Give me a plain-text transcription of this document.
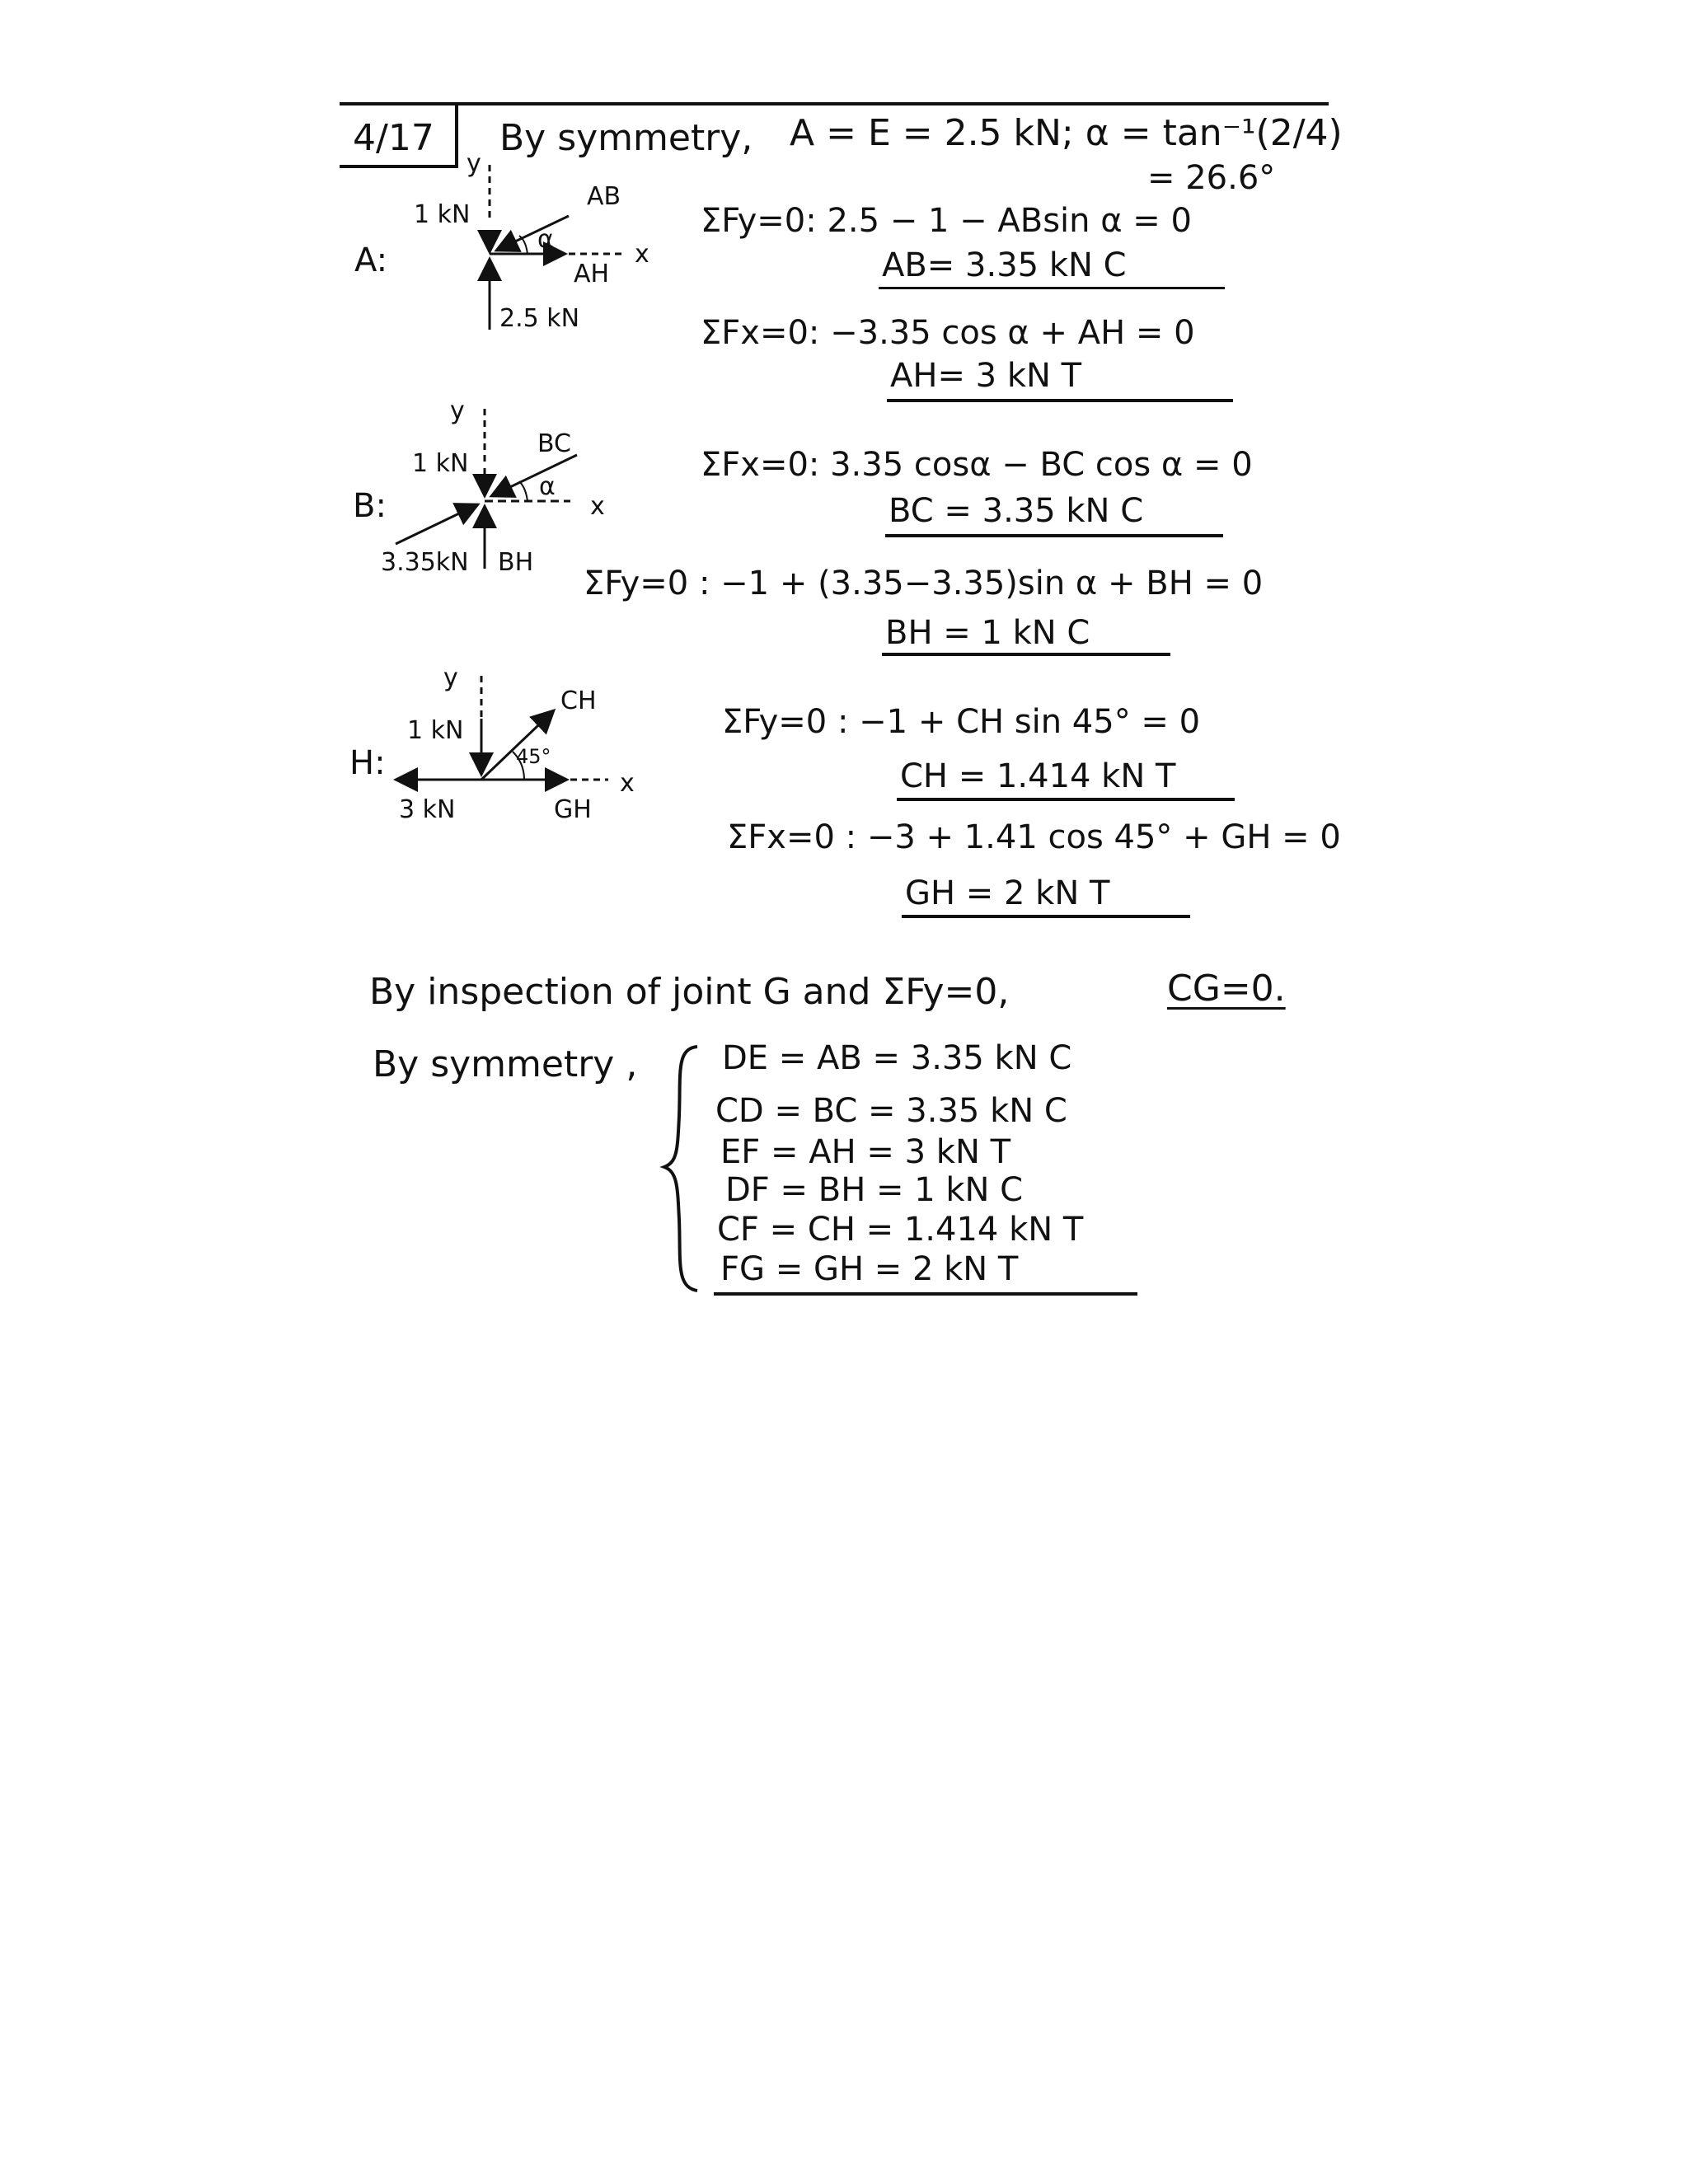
4/17 By symmetry, A = E = 2.5 kN; α = tan⁻¹(2/4)
= 26.6°
A:
y
1 kN
AB
α
x
AH
2.5 kN
ΣFy=0: 2.5 − 1 − ABsin α = 0
AB= 3.35 kN C
ΣFx=0: −3.35 cos α + AH = 0
AH= 3 kN T
B:
y
1 kN
BC
α
x
3.35kN BH
ΣFx=0: 3.35 cosα − BC cos α = 0
BC = 3.35 kN C
ΣFy=0 : −1 + (3.35−3.35)sin α + BH = 0
BH = 1 kN C
H:
y
1 kN
CH
45°
x
3 kN	GH
ΣFy=0 : −1 + CH sin 45° = 0
CH = 1.414 kN T
ΣFx=0 : −3 + 1.41 cos 45° + GH = 0
GH = 2 kN T
By inspection of joint G and ΣFy=0,	CG=0.
By symmetry ,	DE = AB = 3.35 kN C
CD = BC = 3.35 kN C
EF = AH = 3 kN T
DF = BH = 1 kN C
CF = CH = 1.414 kN T
FG = GH = 2 kN T
